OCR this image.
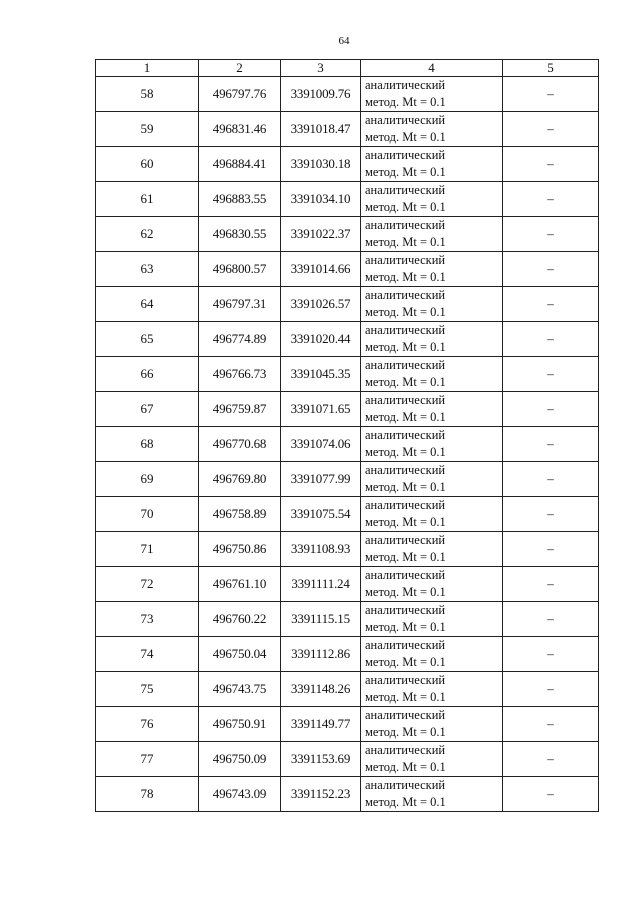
64
1	2	3	4	5
58	496797.76	3391009.76	аналитический
метод. Mt = 0.1	–
59	496831.46	3391018.47	аналитический
метод. Mt = 0.1	–
60	496884.41	3391030.18	аналитический
метод. Mt = 0.1	–
61	496883.55	3391034.10	аналитический
метод. Mt = 0.1	–
62	496830.55	3391022.37	аналитический
метод. Mt = 0.1	–
63	496800.57	3391014.66	аналитический
метод. Mt = 0.1	–
64	496797.31	3391026.57	аналитический
метод. Mt = 0.1	–
65	496774.89	3391020.44	аналитический
метод. Mt = 0.1	–
66	496766.73	3391045.35	аналитический
метод. Mt = 0.1	–
67	496759.87	3391071.65	аналитический
метод. Mt = 0.1	–
68	496770.68	3391074.06	аналитический
метод. Mt = 0.1	–
69	496769.80	3391077.99	аналитический
метод. Mt = 0.1	–
70	496758.89	3391075.54	аналитический
метод. Mt = 0.1	–
71	496750.86	3391108.93	аналитический
метод. Mt = 0.1	–
72	496761.10	3391111.24	аналитический
метод. Mt = 0.1	–
73	496760.22	3391115.15	аналитический
метод. Mt = 0.1	–
74	496750.04	3391112.86	аналитический
метод. Mt = 0.1	–
75	496743.75	3391148.26	аналитический
метод. Mt = 0.1	–
76	496750.91	3391149.77	аналитический
метод. Mt = 0.1	–
77	496750.09	3391153.69	аналитический
метод. Mt = 0.1	–
78	496743.09	3391152.23	аналитический
метод. Mt = 0.1	–
